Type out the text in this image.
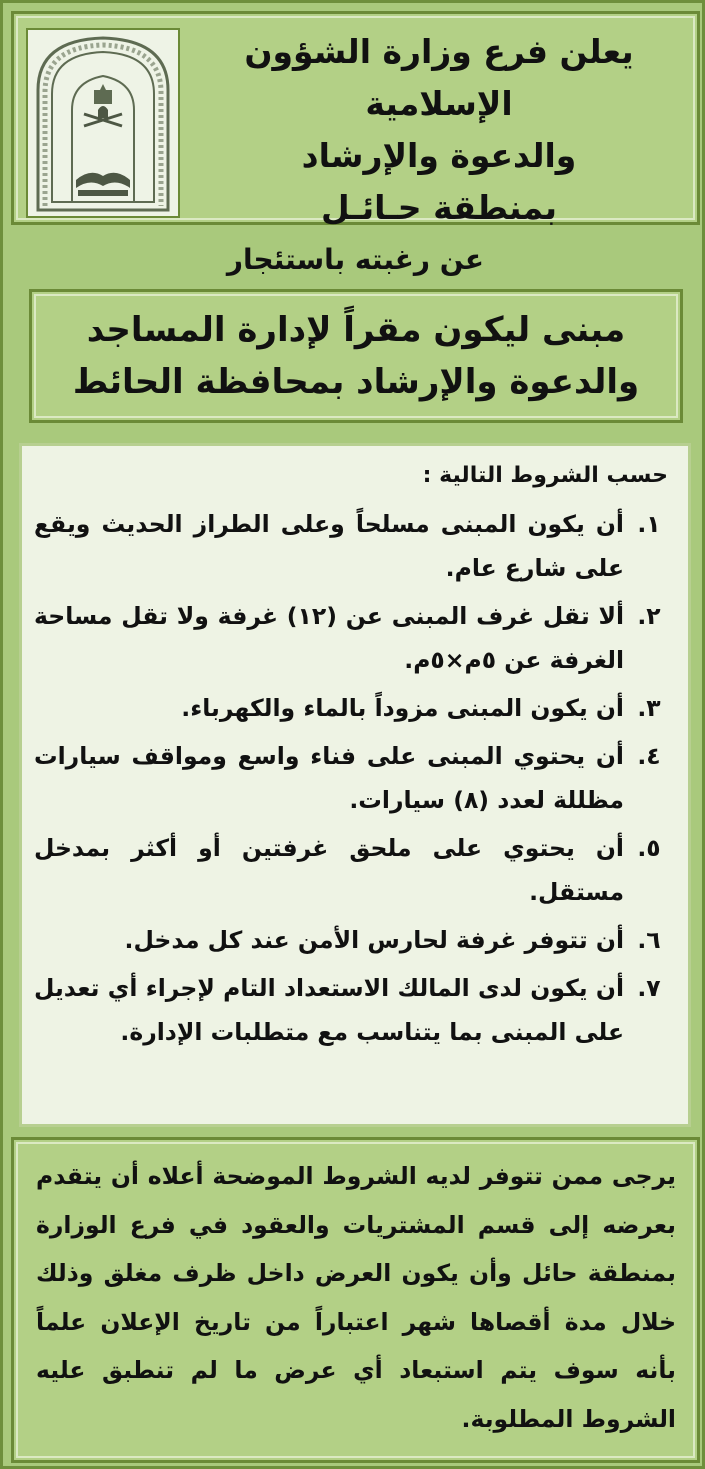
يعلن فرع وزارة الشؤون الإسلامية
والدعوة والإرشاد
بمنطقة حـائـل
عن رغبته باستئجار
مبنى ليكون مقراً لإدارة المساجد
والدعوة والإرشاد بمحافظة الحائط
حسب الشروط التالية :
١.
أن يكون المبنى مسلحاً وعلى الطراز الحديث ويقع على شارع عام.
٢.
ألا تقل غرف المبنى عن (١٢) غرفة ولا تقل مساحة الغرفة عن ٥م×٥م.
٣.
أن يكون المبنى مزوداً بالماء والكهرباء.
٤.
أن يحتوي المبنى على فناء واسع ومواقف سيارات مظللة لعدد (٨) سيارات.
٥.
أن يحتوي على ملحق غرفتين أو أكثر بمدخل مستقل.
٦.
أن تتوفر غرفة لحارس الأمن عند كل مدخل.
٧.
أن يكون لدى المالك الاستعداد التام لإجراء أي تعديل على المبنى بما يتناسب مع متطلبات الإدارة.
يرجى ممن تتوفر لديه الشروط الموضحة أعلاه أن يتقدم بعرضه إلى قسم المشتريات والعقود في فرع الوزارة بمنطقة حائل وأن يكون العرض داخل ظرف مغلق وذلك خلال مدة أقصاها شهر اعتباراً من تاريخ الإعلان علماً بأنه سوف يتم استبعاد أي عرض ما لم تنطبق عليه الشروط المطلوبة.
